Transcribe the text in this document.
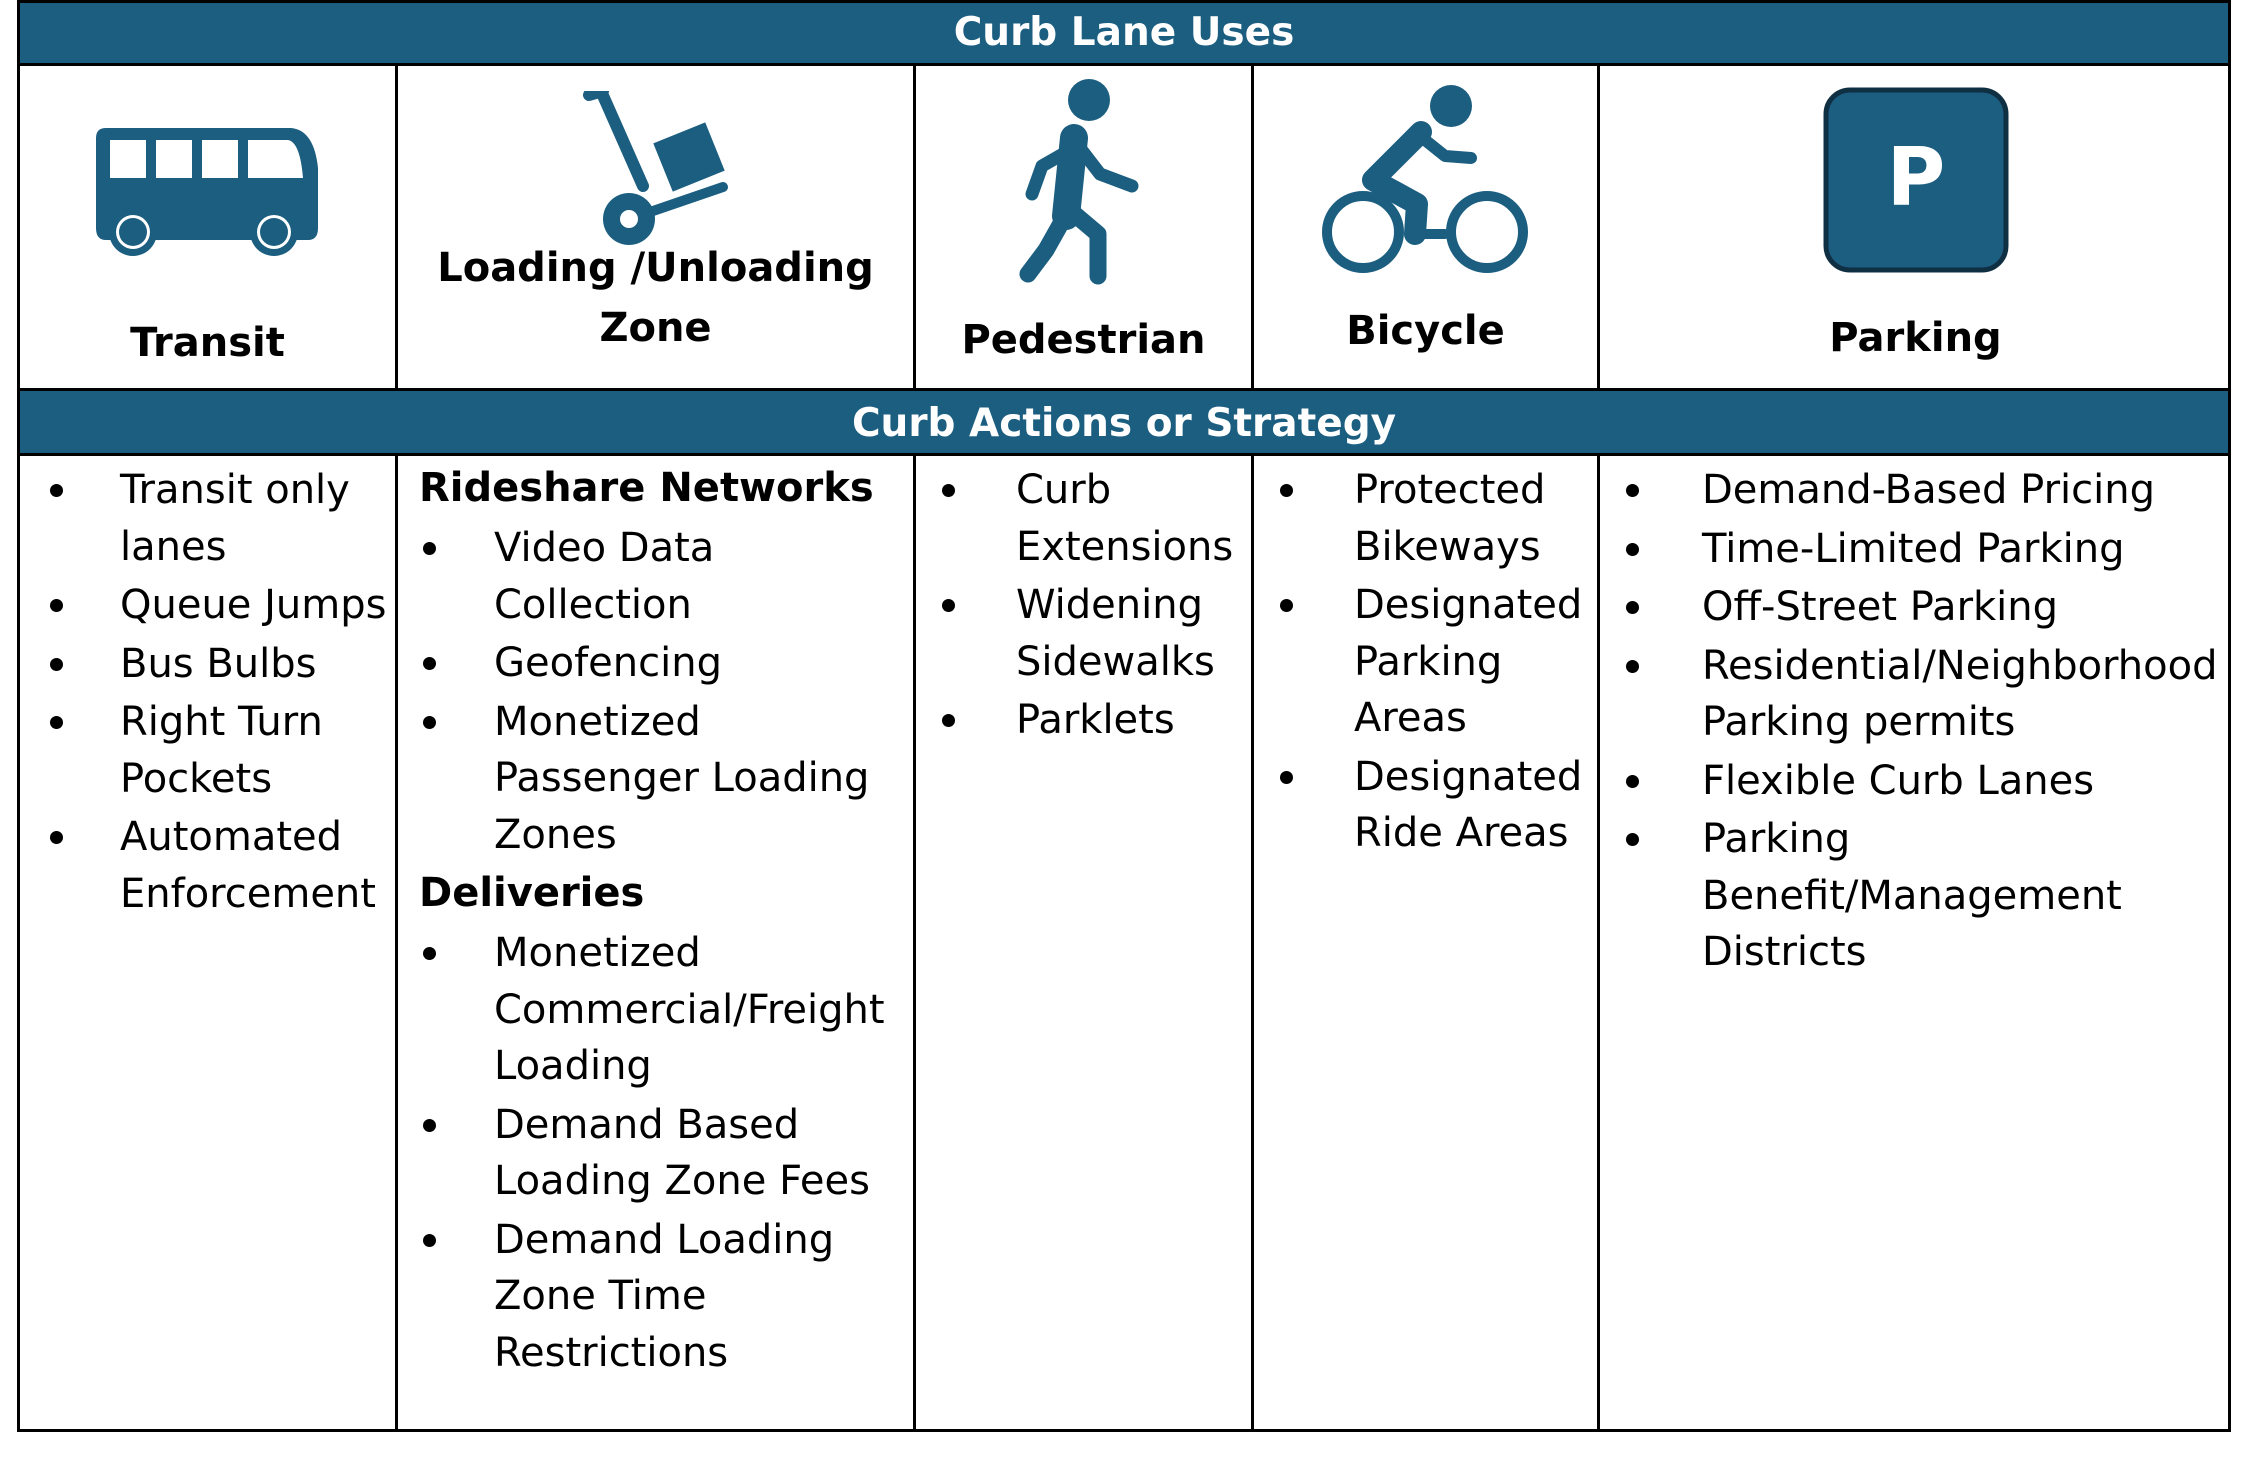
Curb Lane Uses
Transit
Loading /Unloading
Zone	Pedestrian	Bicycle
P
Parking
Curb Actions or Strategy
Transit only lanes
Queue Jumps
Bus Bulbs
Right Turn Pockets
Automated Enforcement
Rideshare Networks
Video Data Collection
Geofencing
Monetized Passenger Loading Zones
Deliveries
Monetized Commercial/Freight Loading
Demand Based Loading Zone Fees
Demand Loading Zone Time Restrictions
Curb Extensions
Widening Sidewalks
Parklets
Protected Bikeways
Designated Parking Areas
Designated Ride Areas
Demand-Based Pricing
Time-Limited Parking
Off-Street Parking
Residential/Neighborhood Parking permits
Flexible Curb Lanes
Parking Benefit/Management Districts
